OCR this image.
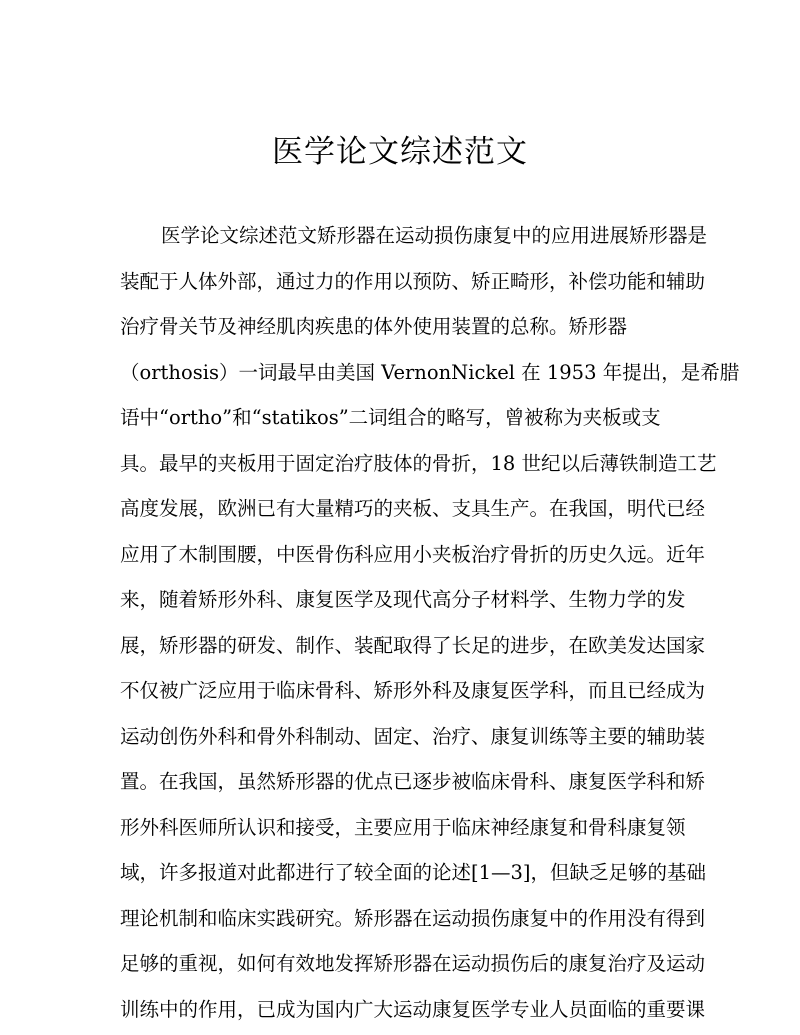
医学论文综述范文
医学论文综述范文矫形器在运动损伤康复中的应用进展矫形器是
装配于人体外部，通过力的作用以预防、矫正畸形，补偿功能和辅助
治疗骨关节及神经肌肉疾患的体外使用装置的总称。矫形器
（orthosis）一词最早由美国 VernonNickel 在 1953 年提出，是希腊
语中“ortho”和“statikos”二词组合的略写，曾被称为夹板或支
具。最早的夹板用于固定治疗肢体的骨折，18 世纪以后薄铁制造工艺
高度发展，欧洲已有大量精巧的夹板、支具生产。在我国，明代已经
应用了木制围腰，中医骨伤科应用小夹板治疗骨折的历史久远。近年
来，随着矫形外科、康复医学及现代高分子材料学、生物力学的发
展，矫形器的研发、制作、装配取得了长足的进步，在欧美发达国家
不仅被广泛应用于临床骨科、矫形外科及康复医学科，而且已经成为
运动创伤外科和骨外科制动、固定、治疗、康复训练等主要的辅助装
置。在我国，虽然矫形器的优点已逐步被临床骨科、康复医学科和矫
形外科医师所认识和接受，主要应用于临床神经康复和骨科康复领
域，许多报道对此都进行了较全面的论述[1—3]，但缺乏足够的基础
理论机制和临床实践研究。矫形器在运动损伤康复中的作用没有得到
足够的重视，如何有效地发挥矫形器在运动损伤后的康复治疗及运动
训练中的作用，已成为国内广大运动康复医学专业人员面临的重要课
